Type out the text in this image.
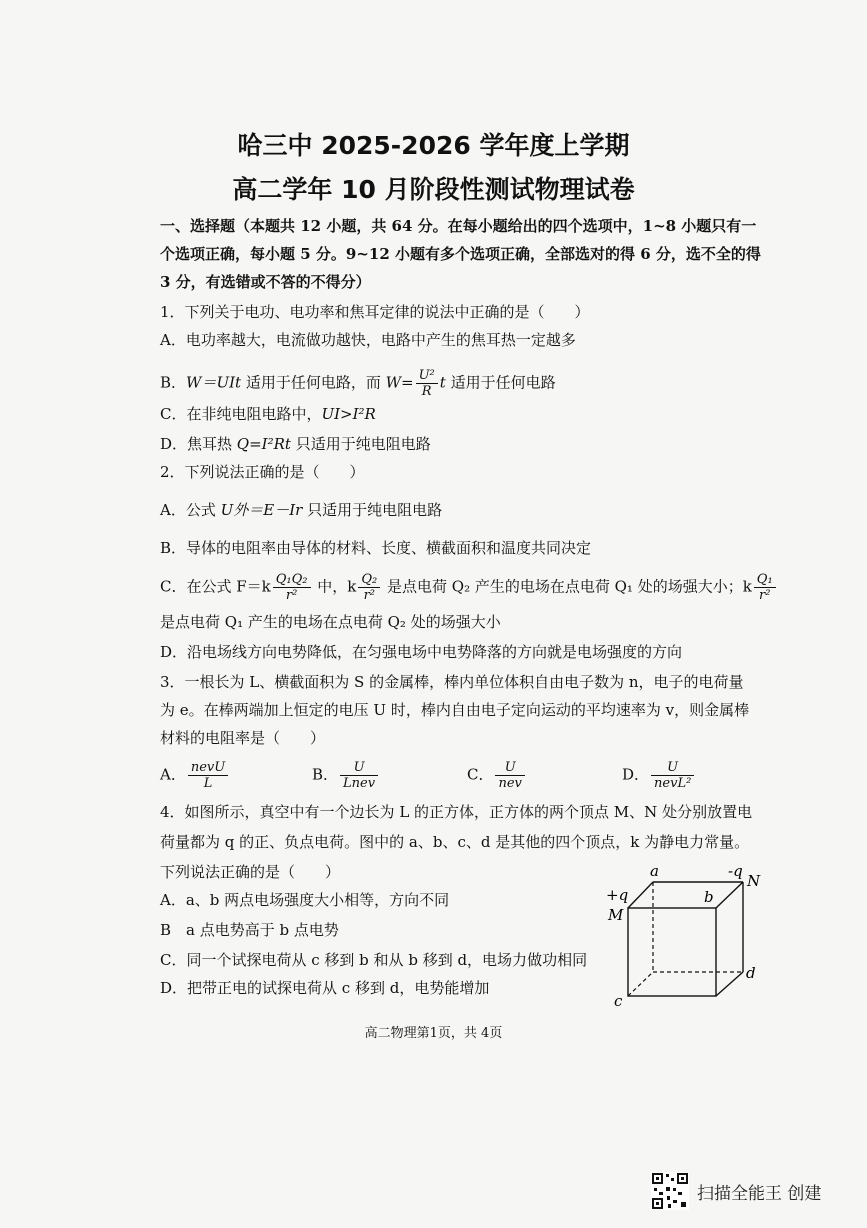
哈三中 2025-2026 学年度上学期
高二学年 10 月阶段性测试物理试卷
一、选择题（本题共 12 小题，共 64 分。在每小题给出的四个选项中，1~8 小题只有一
个选项正确，每小题 5 分。9~12 小题有多个选项正确，全部选对的得 6 分，选不全的得
3 分，有选错或不答的不得分）
1．下列关于电功、电功率和焦耳定律的说法中正确的是（　　）
A．电功率越大，电流做功越快，电路中产生的焦耳热一定越多
B．W＝UIt 适用于任何电路，而 $W= \frac{\text{U²}}{R}$ t 适用于任何电路
C．在非纯电阻电路中，UI>I²R
D．焦耳热 Q=I²Rt 只适用于纯电阻电路
2．下列说法正确的是（　　）
A．公式 U外＝E－Ir 只适用于纯电阻电路
B．导体的电阻率由导体的材料、长度、横截面积和温度共同决定
C．在公式 $F=k \frac{\text{Q₁Q₂}}{\text{r²}}$ 中，k $\frac{\text{Q₂}}{\text{r²}}$ 是点电荷 Q₂ 产生的电场在点电荷 Q₁ 处的场强大小；k $\frac{\text{Q₁}}{\text{r²}}$
是点电荷 Q₁ 产生的电场在点电荷 Q₂ 处的场强大小
D．沿电场线方向电势降低，在匀强电场中电势降落的方向就是电场强度的方向
3．一根长为 L、横截面积为 S 的金属棒，棒内单位体积自由电子数为 n，电子的电荷量
为 e。在棒两端加上恒定的电压 U 时，棒内自由电子定向运动的平均速率为 v，则金属棒
材料的电阻率是（　　）
A． $\frac{\text{nevU}}{L}$	B． $\frac{U}{\text{Lnev}}$	C． $\frac{U}{\text{nev}}$	D． $\frac{U}{\text{nevL²}}$
4．如图所示，真空中有一个边长为 L 的正方体，正方体的两个顶点 M、N 处分别放置电
荷量都为 q 的正、负点电荷。图中的 a、b、c、d 是其他的四个顶点，k 为静电力常量。
下列说法正确的是（　　）
A．a、b 两点电场强度大小相等，方向不同
B　a 点电势高于 b 点电势
C．同一个试探电荷从 c 移到 b 和从 b 移到 d，电场力做功相同
D．把带正电的试探电荷从 c 移到 d，电势能增加
a
b
c
d
N
M
+q
-q
高二物理第1页，共 4页
扫描全能王 创建
